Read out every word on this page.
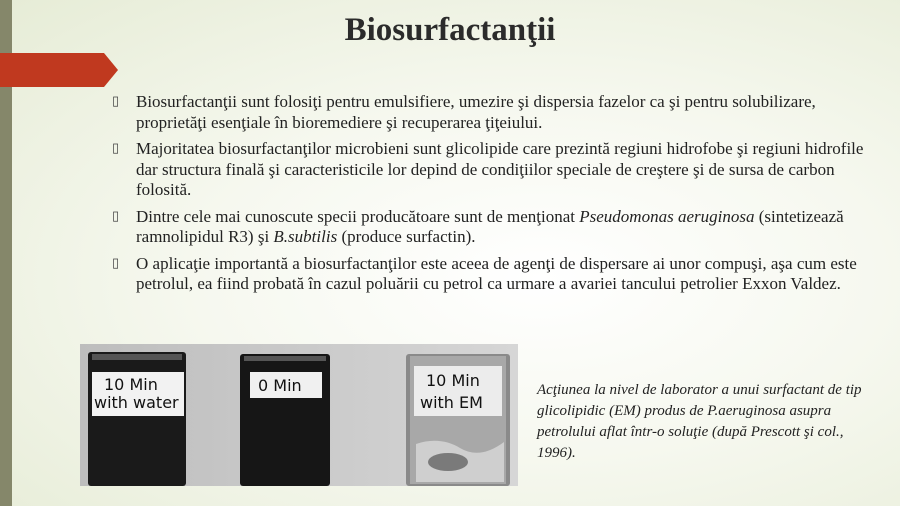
Biosurfactanţii
▯ Biosurfactanţii sunt folosiţi pentru emulsifiere, umezire şi dispersia fazelor ca şi pentru solubilizare, proprietăţi esenţiale în bioremediere şi recuperarea ţiţeiului.
▯ Majoritatea biosurfactanţilor microbieni sunt glicolipide care prezintă regiuni hidrofobe şi regiuni hidrofile dar structura finală şi caracteristicile lor depind de condiţiilor speciale de creştere şi de sursa de carbon folosită.
▯ Dintre cele mai cunoscute specii producătoare sunt de menţionat Pseudomonas aeruginosa (sintetizează ramnolipidul R3) şi B.subtilis (produce surfactin).
▯ O aplicaţie importantă a biosurfactanţilor este aceea de agenţi de dispersare ai unor compuşi, aşa cum este petrolul, ea fiind probată în cazul poluării cu petrol ca urmare a avariei tancului petrolier Exxon Valdez.
10 Min
with water
0 Min	10 Min
with EM
Acţiunea la nivel de laborator a unui surfactant de tip glicolipidic (EM) produs de P.aeruginosa asupra petrolului aflat într-o soluţie (după Prescott şi col., 1996).
